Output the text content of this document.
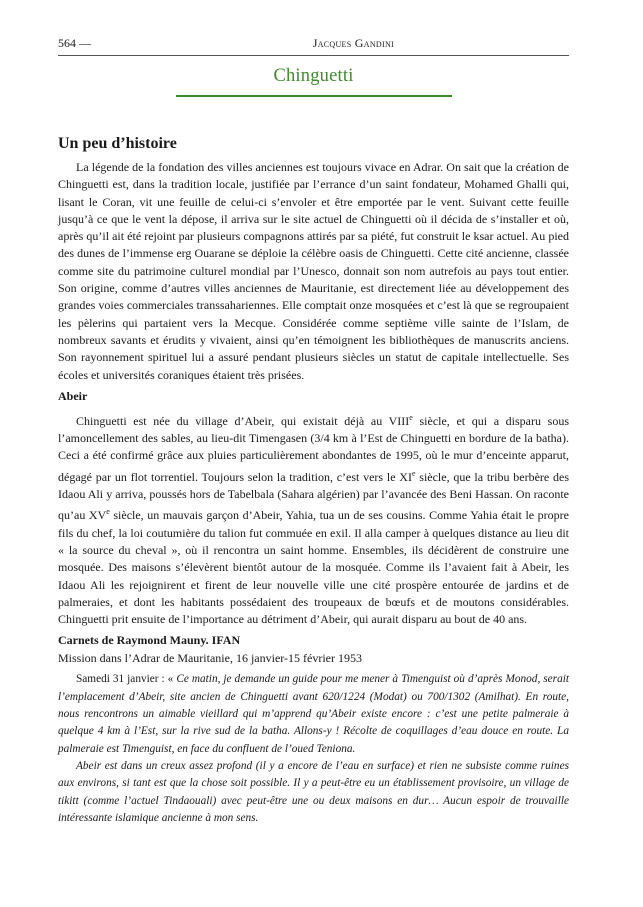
564 —	Jacques Gandini
Chinguetti
Un peu d’histoire

La légende de la fondation des villes anciennes est toujours vivace en Adrar. On sait que la création de Chinguetti est, dans la tradition locale, justifiée par l’errance d’un saint fondateur, Mohamed Ghalli qui, lisant le Coran, vit une feuille de celui-ci s’envoler et être emportée par le vent. Suivant cette feuille jusqu’à ce que le vent la dépose, il arriva sur le site actuel de Chinguetti où il décida de s’installer et où, après qu’il ait été rejoint par plusieurs compagnons attirés par sa piété, fut construit le ksar actuel. Au pied des dunes de l’immense erg Ouarane se déploie la célèbre oasis de Chinguetti. Cette cité ancienne, classée comme site du patrimoine culturel mondial par l’Unesco, donnait son nom autrefois au pays tout entier. Son origine, comme d’autres villes anciennes de Mauritanie, est directement liée au développement des grandes voies commerciales transsahariennes. Elle comptait onze mosquées et c’est là que se regroupaient les pèlerins qui partaient vers la Mecque. Considérée comme septième ville sainte de l’Islam, de nombreux savants et érudits y vivaient, ainsi qu’en témoignent les bibliothèques de manuscrits anciens. Son rayonnement spirituel lui a assuré pendant plusieurs siècles un statut de capitale intellectuelle. Ses écoles et universités coraniques étaient très prisées.

Abeir

Chinguetti est née du village d’Abeir, qui existait déjà au VIIIe siècle, et qui a disparu sous l’amoncellement des sables, au lieu-dit Timengasen (3/4 km à l’Est de Chinguetti en bordure de la batha). Ceci a été confirmé grâce aux pluies particulièrement abondantes de 1995, où le mur d’enceinte apparut, dégagé par un flot torrentiel. Toujours selon la tradition, c’est vers le XIe siècle, que la tribu berbère des Idaou Ali y arriva, poussés hors de Tabelbala (Sahara algérien) par l’avancée des Beni Hassan. On raconte qu’au XVe siècle, un mauvais garçon d’Abeir, Yahia, tua un de ses cousins. Comme Yahia était le propre fils du chef, la loi coutumière du talion fut commuée en exil. Il alla camper à quelques distance au lieu dit « la source du cheval », où il rencontra un saint homme. Ensembles, ils décidèrent de construire une mosquée. Des maisons s’élevèrent bientôt autour de la mosquée. Comme ils l’avaient fait à Abeir, les Idaou Ali les rejoignirent et firent de leur nouvelle ville une cité prospère entourée de jardins et de palmeraies, et dont les habitants possédaient des troupeaux de bœufs et de moutons considérables. Chinguetti prit ensuite de l’importance au détriment d’Abeir, qui aurait disparu au bout de 40 ans.

Carnets de Raymond Mauny. IFAN
Mission dans l’Adrar de Mauritanie, 16 janvier-15 février 1953

Samedi 31 janvier : « Ce matin, je demande un guide pour me mener à Timenguist où d’après Monod, serait l’emplacement d’Abeir, site ancien de Chinguetti avant 620/1224 (Modat) ou 700/1302 (Amilhat). En route, nous rencontrons un aimable vieillard qui m’apprend qu’Abeir existe encore : c’est une petite palmeraie à quelque 4 km à l’Est, sur la rive sud de la batha. Allons-y ! Récolte de coquillages d’eau douce en route. La palmeraie est Timenguist, en face du confluent de l’oued Teniona.

Abeir est dans un creux assez profond (il y a encore de l’eau en surface) et rien ne subsiste comme ruines aux environs, si tant est que la chose soit possible. Il y a peut-être eu un établissement provisoire, un village de tikitt (comme l’actuel Tindaouali) avec peut-être une ou deux maisons en dur… Aucun espoir de trouvaille intéressante islamique ancienne à mon sens.
